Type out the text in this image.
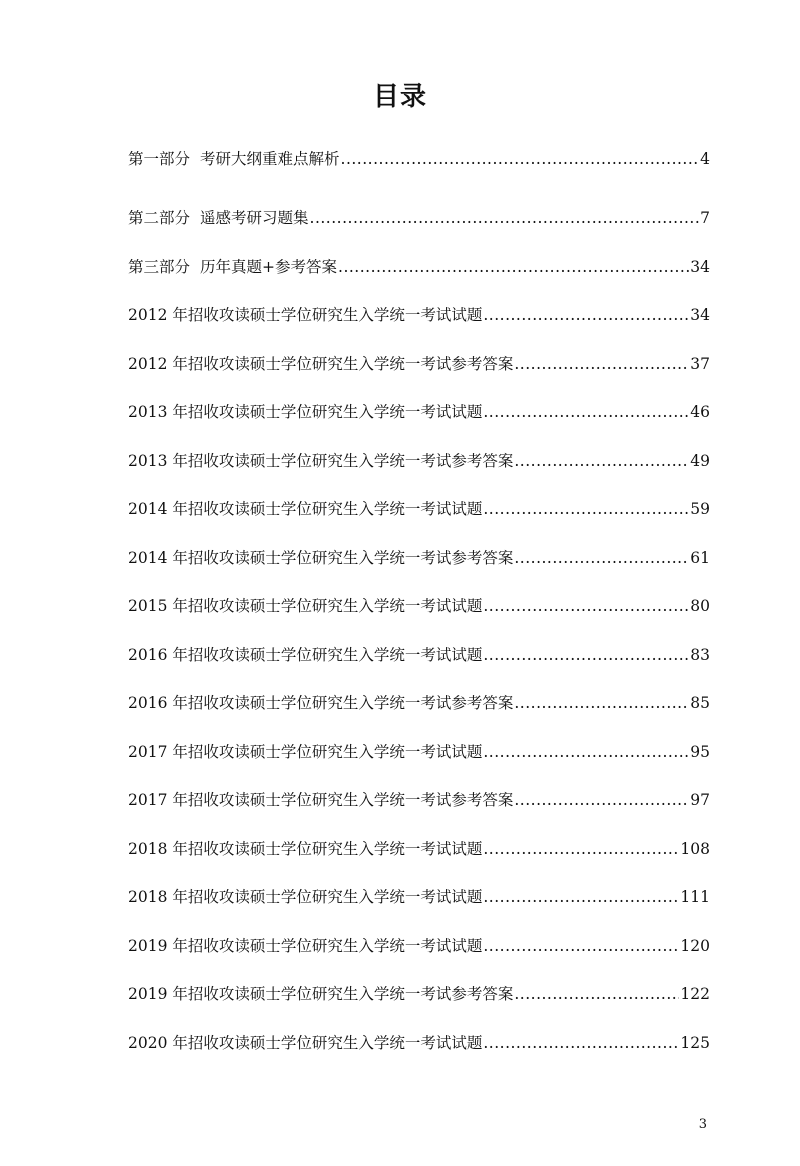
目录
第一部分 考研大纲重难点解析 .....	4
第二部分 遥感考研习题集 .....	7
第三部分 历年真题+参考答案 .....	34
2012 年招收攻读硕士学位研究生入学统一考试试题 .....	34
2012 年招收攻读硕士学位研究生入学统一考试参考答案 .....	37
2013 年招收攻读硕士学位研究生入学统一考试试题 .....	46
2013 年招收攻读硕士学位研究生入学统一考试参考答案 .....	49
2014 年招收攻读硕士学位研究生入学统一考试试题 .....	59
2014 年招收攻读硕士学位研究生入学统一考试参考答案 .....	61
2015 年招收攻读硕士学位研究生入学统一考试试题 .....	80
2016 年招收攻读硕士学位研究生入学统一考试试题 .....	83
2016 年招收攻读硕士学位研究生入学统一考试参考答案 .....	85
2017 年招收攻读硕士学位研究生入学统一考试试题 .....	95
2017 年招收攻读硕士学位研究生入学统一考试参考答案 .....	97
2018 年招收攻读硕士学位研究生入学统一考试试题 .....	108
2018 年招收攻读硕士学位研究生入学统一考试试题 .....	111
2019 年招收攻读硕士学位研究生入学统一考试试题 .....	120
2019 年招收攻读硕士学位研究生入学统一考试参考答案 .....	122
2020 年招收攻读硕士学位研究生入学统一考试试题 .....	125
3
